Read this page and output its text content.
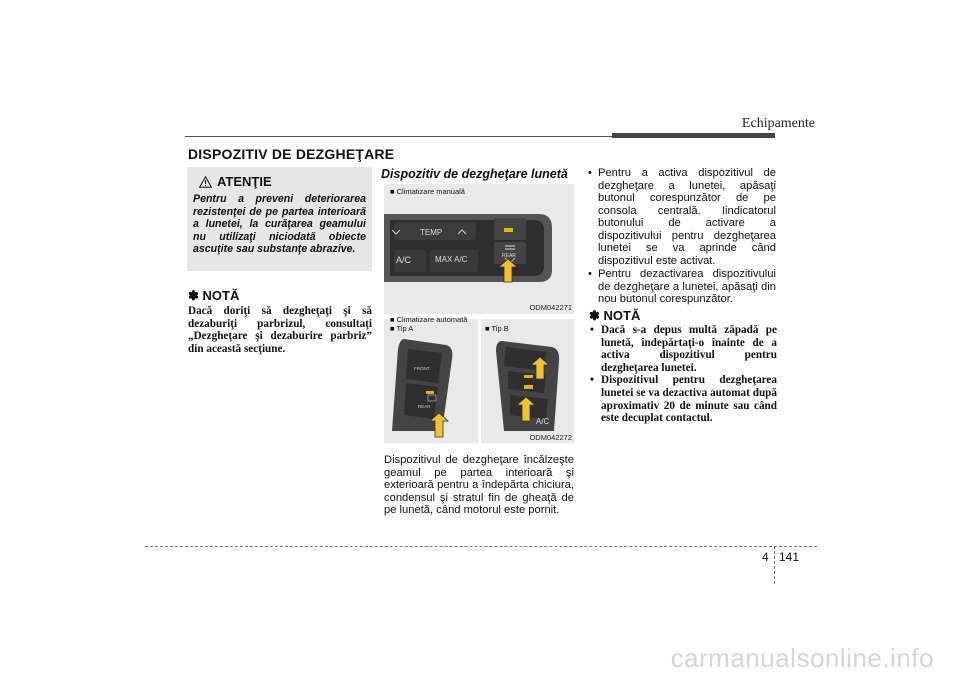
Echipamente
DISPOZITIV DE DEZGHEŢARE
ATENŢIE
Pentru a preveni deteriorarea rezistenţei de pe partea interioară a lunetei, la curăţarea geamului nu utilizaţi niciodată obiecte ascuţite sau substanţe abrazive.
✽ NOTĂ
Dacă doriţi să dezgheţaţi şi să dezaburiţi parbrizul, consultaţi „Dezgheţare şi dezaburire parbriz” din această secţiune.
Dispozitiv de dezgheţare lunetă
■ Climatizare manuală
TEMP
A/C	MAX A/C	REAR
ODM042271
■ Climatizare automată
■ Tip A	■ Tip B
FRONT
REAR
A/C
ODM042272
Dispozitivul de dezgheţare încălzeşte geamul pe partea interioară şi exterioară pentru a îndepărta chiciura, condensul şi stratul fin de gheaţă de pe lunetă, când motorul este pornit.
• Pentru a activa dispozitivul de dezgheţare a lunetei, apăsaţi butonul corespunzător de pe consola centrală. Iindicatorul butonului de activare a dispozitivului pentru dezgheţarea lunetei se va aprinde când dispozitivul este activat.
• Pentru dezactivarea dispozitivului de dezgheţare a lunetei, apăsaţi din nou butonul corespunzător.
✽ NOTĂ
• Dacă s-a depus multă zăpadă pe lunetă, îndepărtaţi-o înainte de a activa dispozitivul pentru dezgheţarea lunetei.
• Dispozitivul pentru dezgheţarea lunetei se va dezactiva automat după aproximativ 20 de minute sau când este decuplat contactul.
4 141
carmanualsonline.info
